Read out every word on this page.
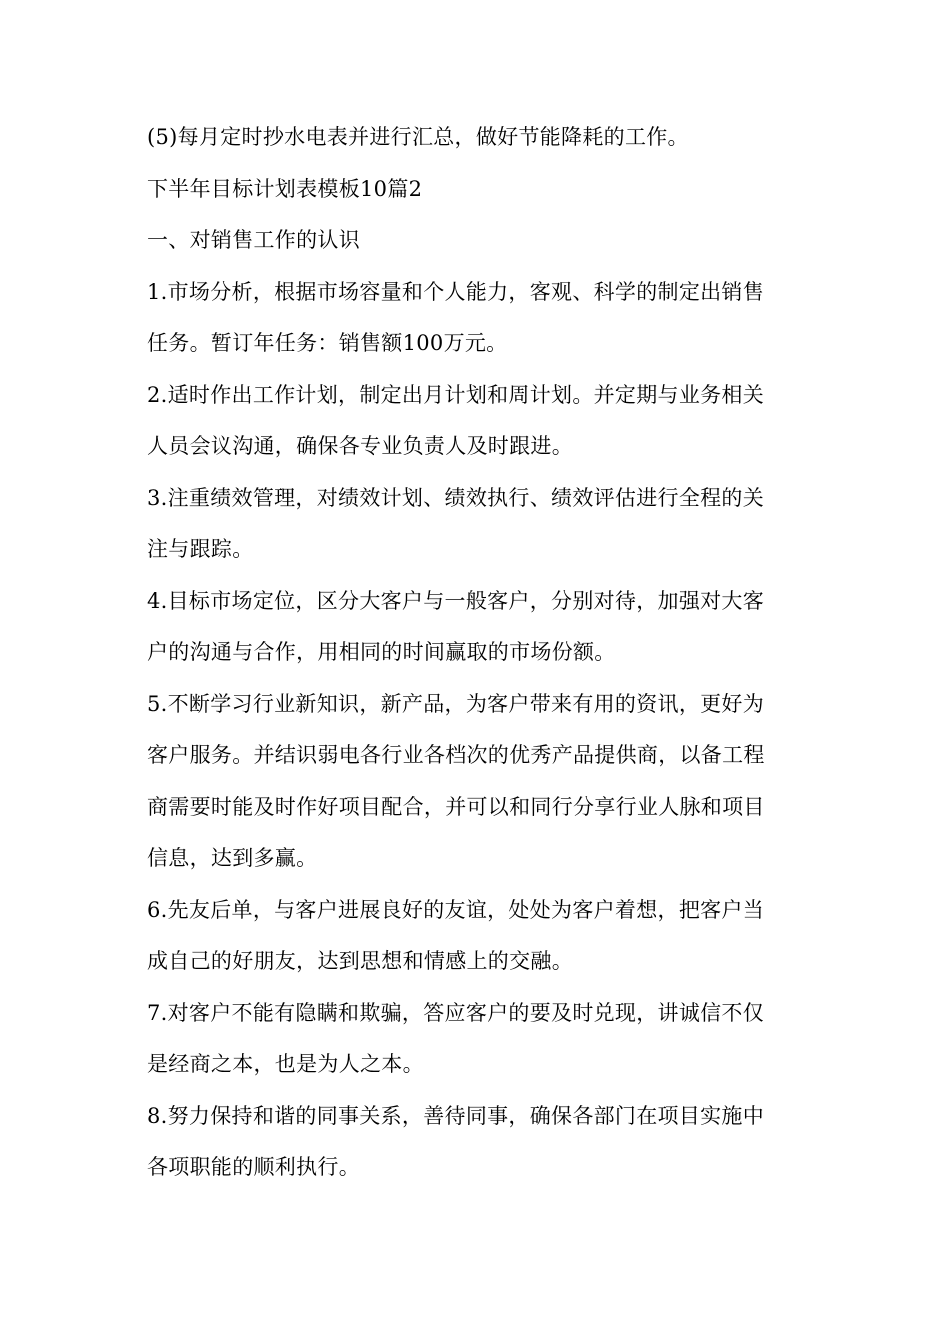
(5)每月定时抄水电表并进行汇总，做好节能降耗的工作。

下半年目标计划表模板10篇2

一、对销售工作的认识

1.市场分析，根据市场容量和个人能力，客观、科学的制定出销售
任务。暂订年任务：销售额100万元。

2.适时作出工作计划，制定出月计划和周计划。并定期与业务相关
人员会议沟通，确保各专业负责人及时跟进。

3.注重绩效管理，对绩效计划、绩效执行、绩效评估进行全程的关
注与跟踪。

4.目标市场定位，区分大客户与一般客户，分别对待，加强对大客
户的沟通与合作，用相同的时间赢取的市场份额。

5.不断学习行业新知识，新产品，为客户带来有用的资讯，更好为
客户服务。并结识弱电各行业各档次的优秀产品提供商，以备工程
商需要时能及时作好项目配合，并可以和同行分享行业人脉和项目
信息，达到多赢。

6.先友后单，与客户进展良好的友谊，处处为客户着想，把客户当
成自己的好朋友，达到思想和情感上的交融。

7.对客户不能有隐瞒和欺骗，答应客户的要及时兑现，讲诚信不仅
是经商之本，也是为人之本。

8.努力保持和谐的同事关系，善待同事，确保各部门在项目实施中
各项职能的顺利执行。
